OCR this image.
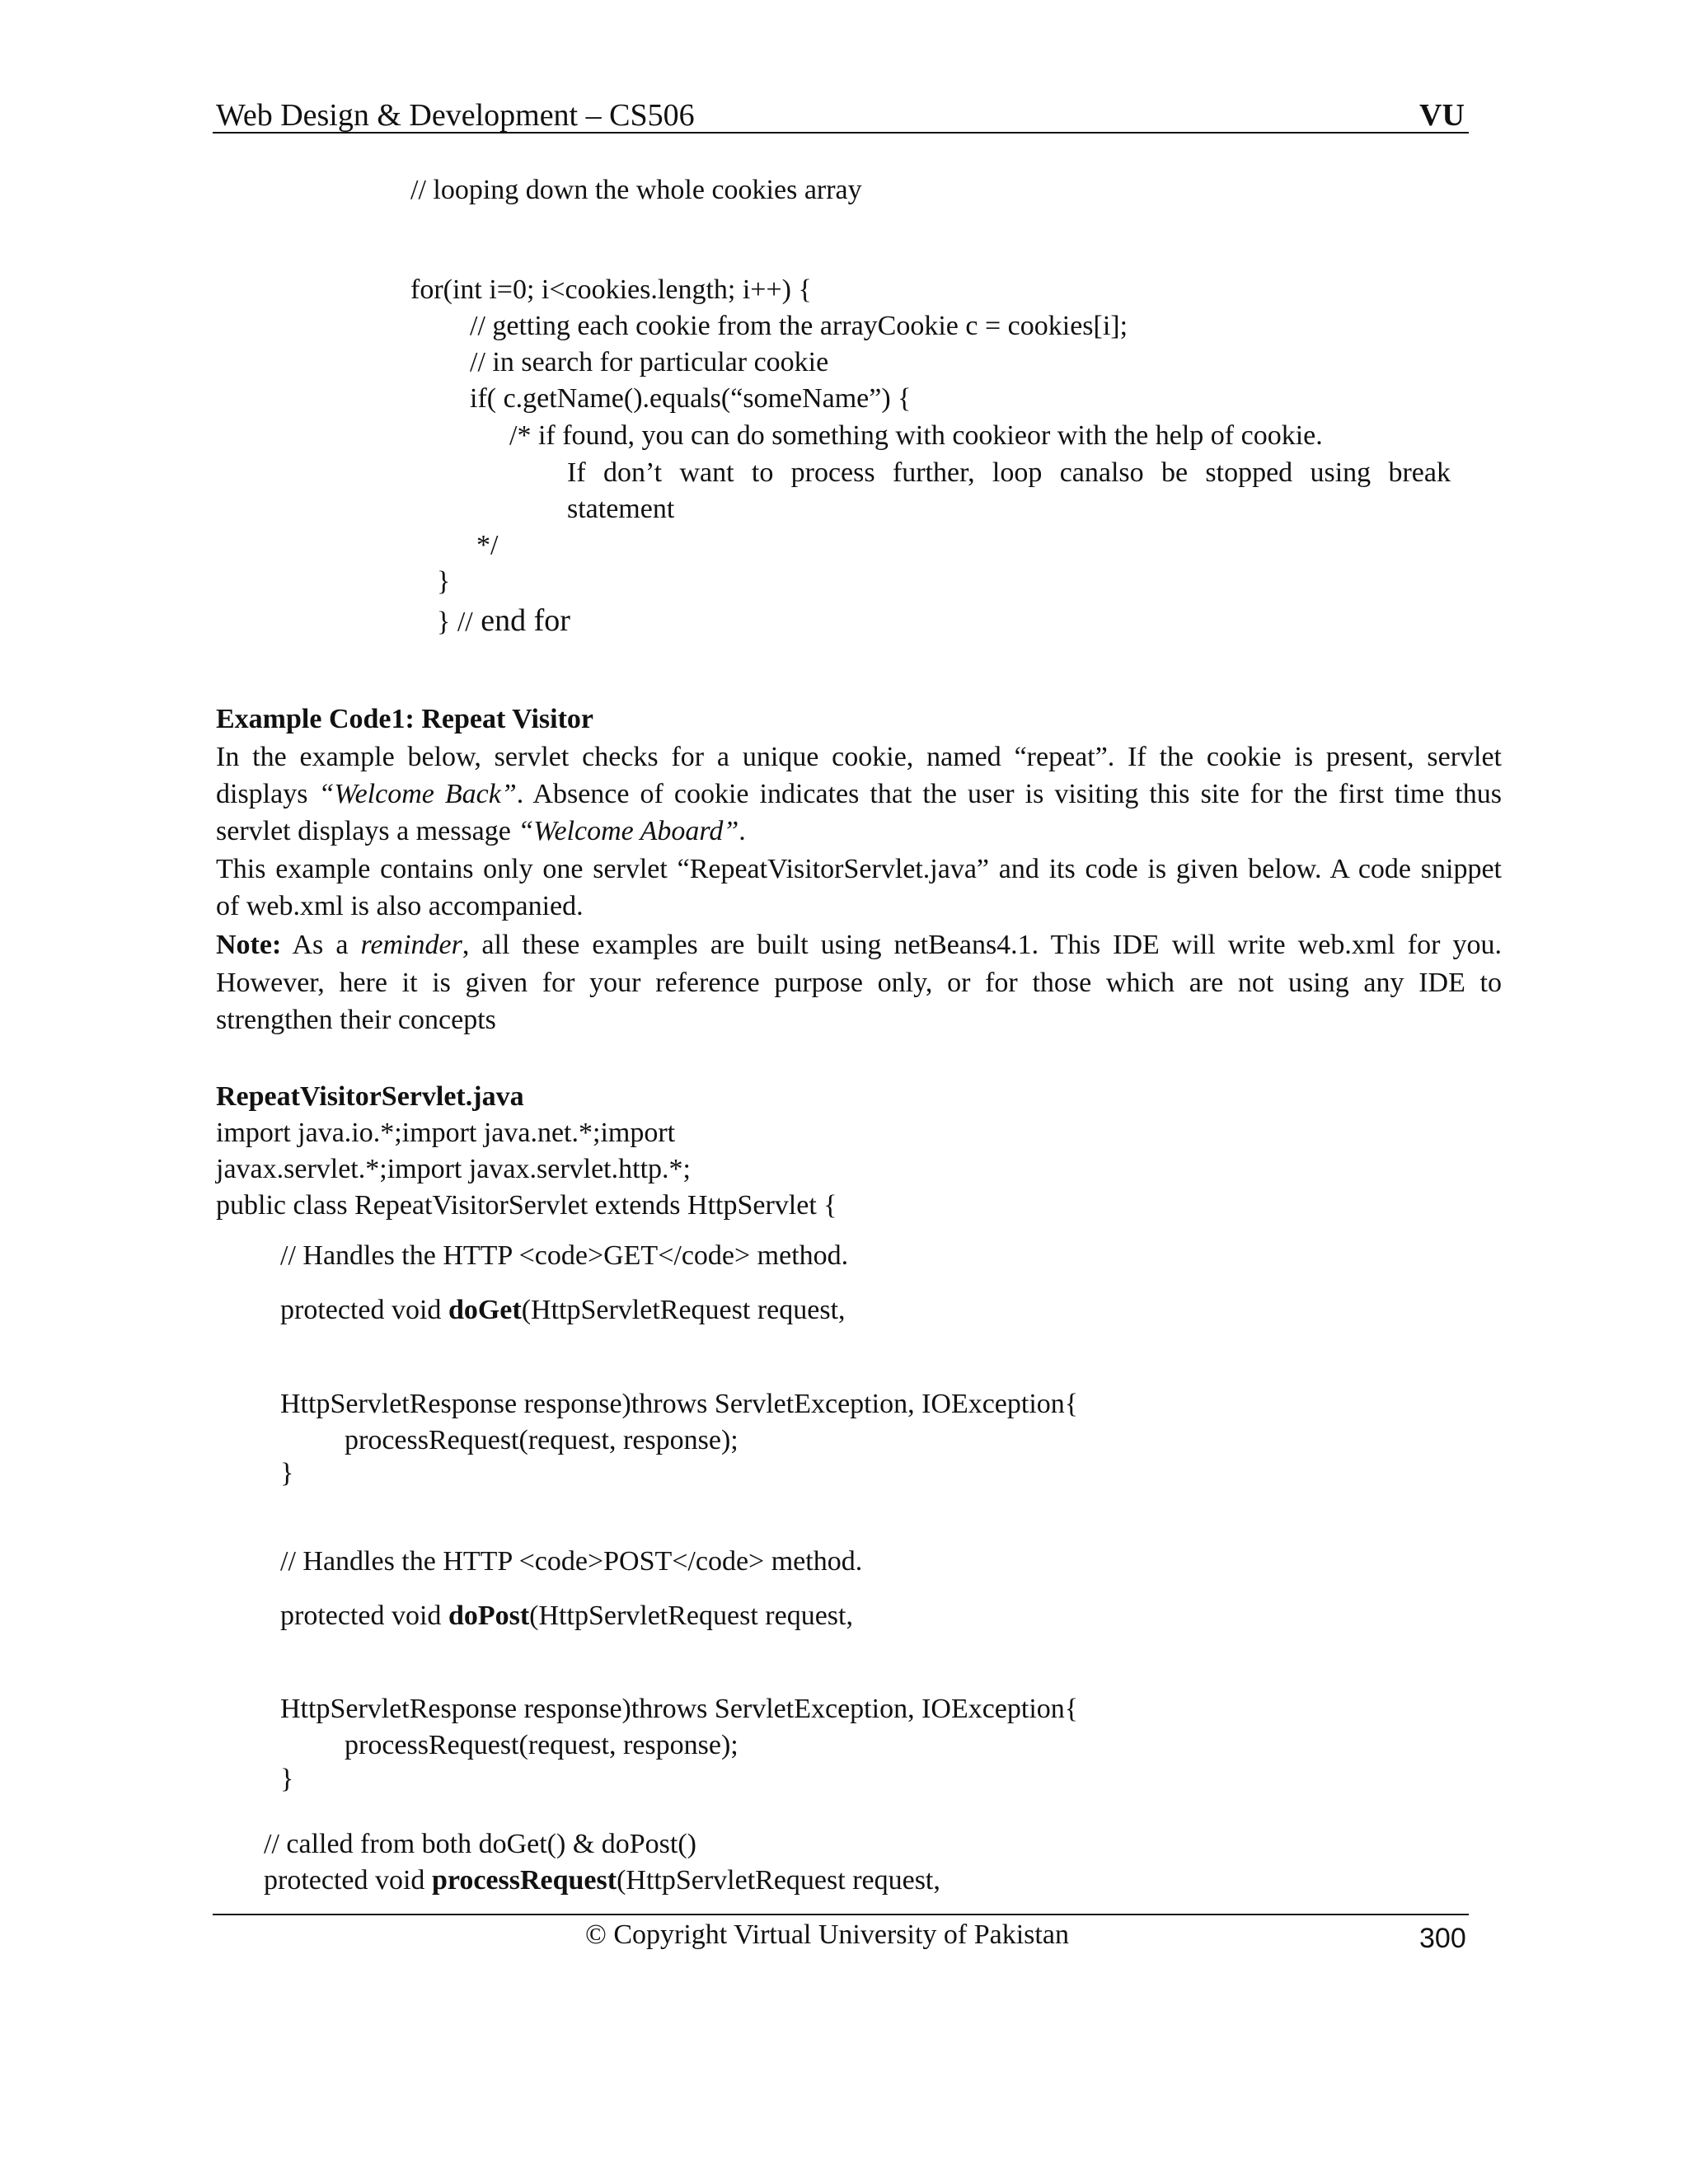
Web Design & Development – CS506	VU
// looping down the whole cookies array
for(int i=0; i<cookies.length; i++) {
// getting each cookie from the arrayCookie c = cookies[i];
// in search for particular cookie
if( c.getName().equals(“someName”) {
/* if found, you can do something with cookieor with the help of cookie.
If don’t want to process further, loop canalso be stopped using break
statement
*/
}
} // end for
Example Code1: Repeat Visitor
In the example below, servlet checks for a unique cookie, named “repeat”. If the cookie is present, servlet
displays “Welcome Back”. Absence of cookie indicates that the user is visiting this site for the first time thus
servlet displays a message “Welcome Aboard”.
This example contains only one servlet “RepeatVisitorServlet.java” and its code is given below. A code snippet
of web.xml is also accompanied.
Note: As a reminder, all these examples are built using netBeans4.1. This IDE will write web.xml for you.
However, here it is given for your reference purpose only, or for those which are not using any IDE to
strengthen their concepts
RepeatVisitorServlet.java
import java.io.*;import java.net.*;import
javax.servlet.*;import javax.servlet.http.*;
public class RepeatVisitorServlet extends HttpServlet {
// Handles the HTTP <code>GET</code> method.
protected void doGet(HttpServletRequest request,
HttpServletResponse response)throws ServletException, IOException{
processRequest(request, response);
}
// Handles the HTTP <code>POST</code> method.
protected void doPost(HttpServletRequest request,
HttpServletResponse response)throws ServletException, IOException{
processRequest(request, response);
}
// called from both doGet() & doPost()
protected void processRequest(HttpServletRequest request,
© Copyright Virtual University of Pakistan	300
